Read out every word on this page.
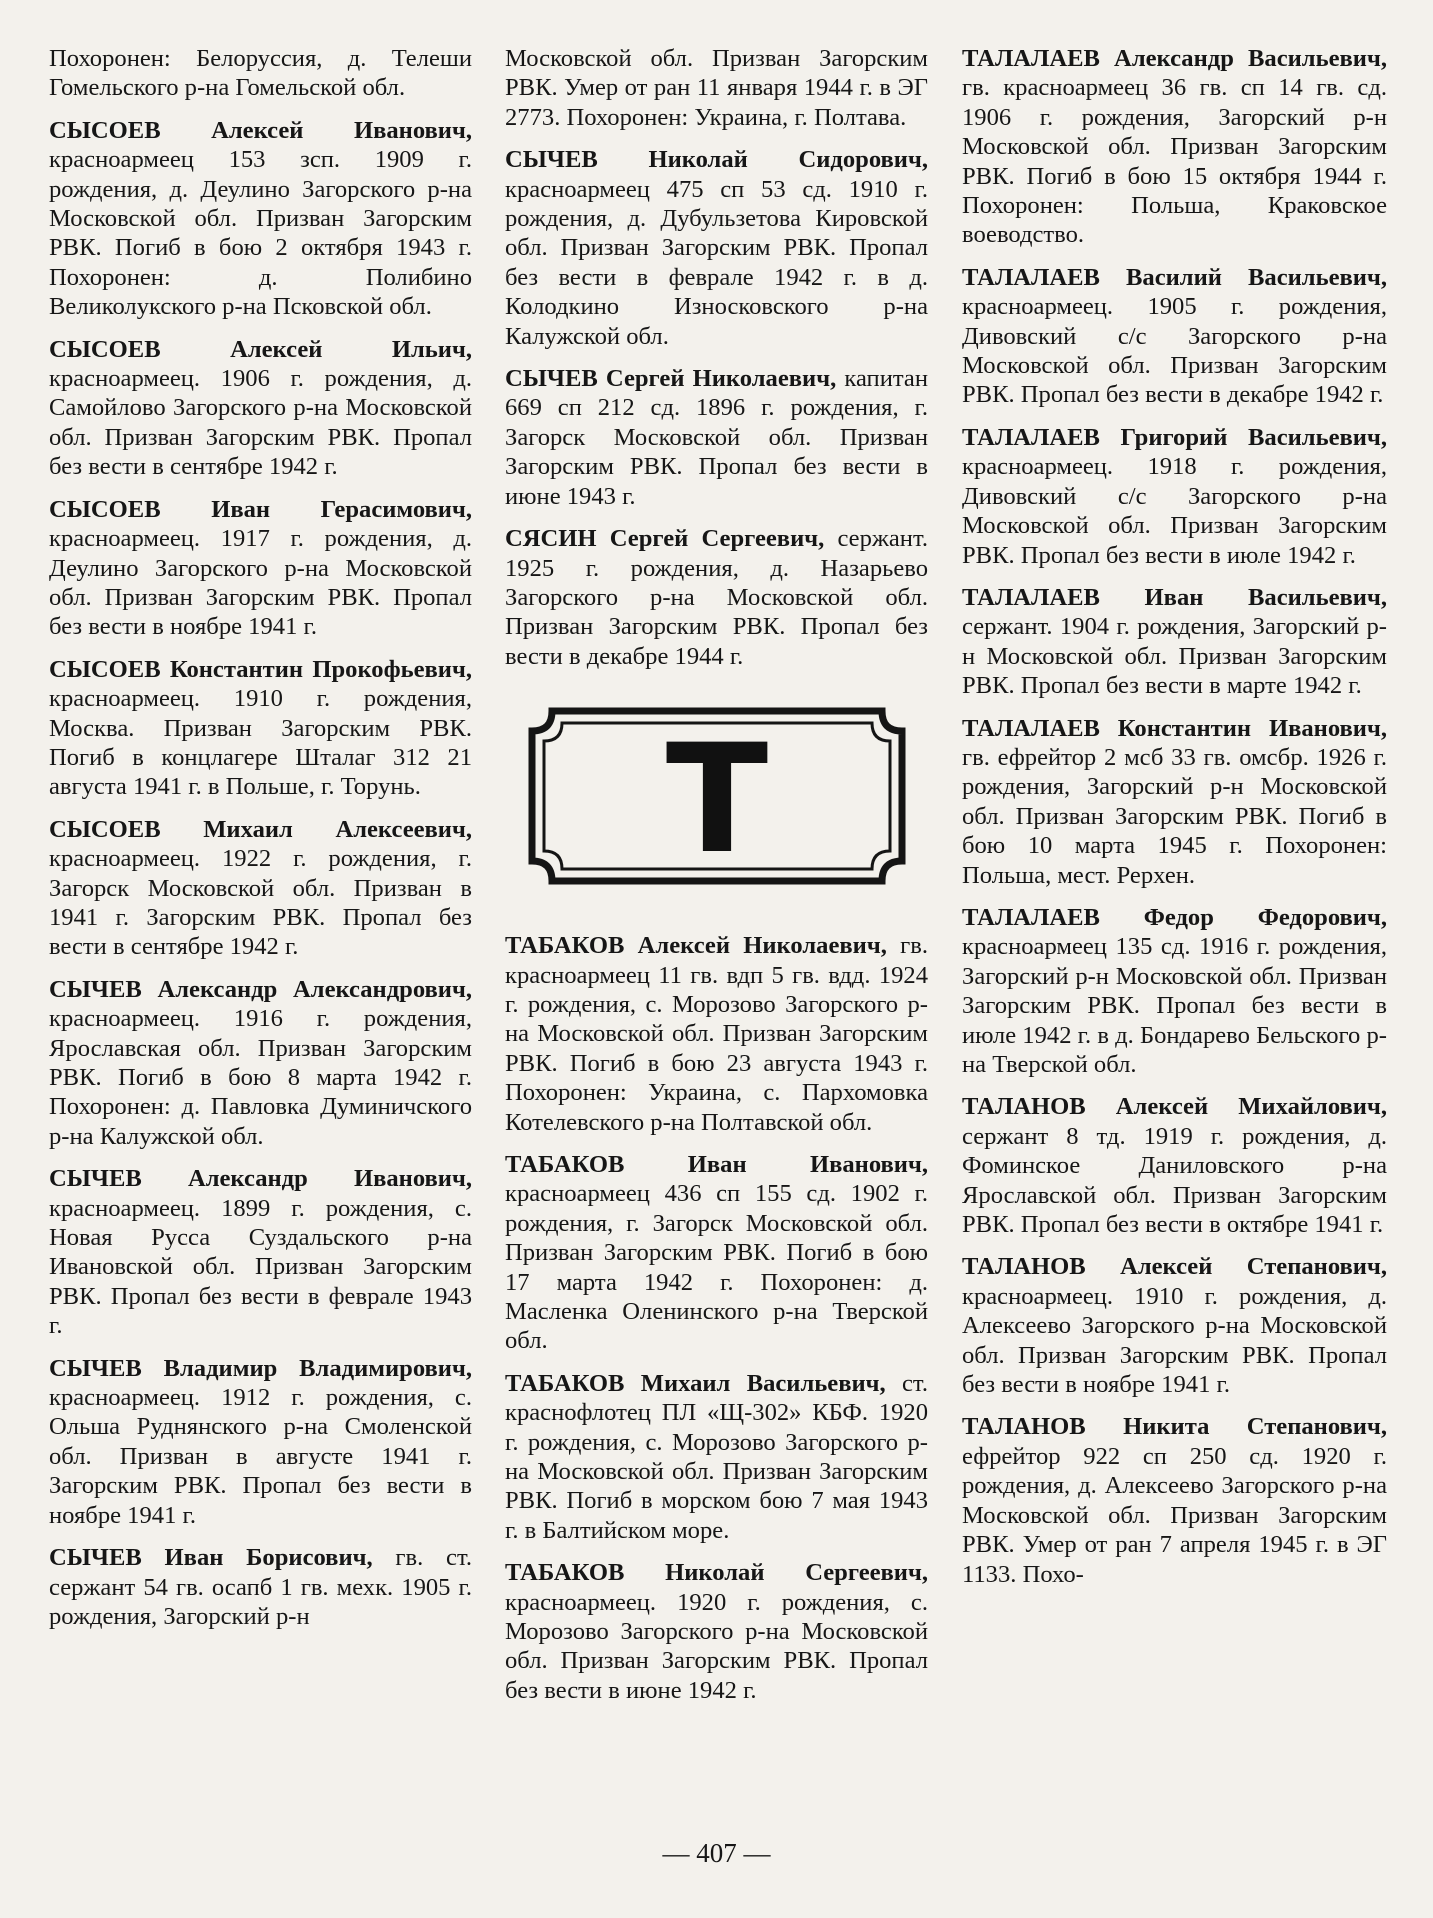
Похоронен: Белоруссия, д. Телеши Гомельского р-на Гомельской обл.

СЫСОЕВ Алексей Иванович, красноармеец 153 зсп. 1909 г. рождения, д. Деулино Загорского р-на Московской обл. Призван Загорским РВК. Погиб в бою 2 октября 1943 г. Похоронен: д. Полибино Великолукского р-на Псковской обл.

СЫСОЕВ Алексей Ильич, красноармеец. 1906 г. рождения, д. Самойлово Загорского р-на Московской обл. Призван Загорским РВК. Пропал без вести в сентябре 1942 г.

СЫСОЕВ Иван Герасимович, красноармеец. 1917 г. рождения, д. Деулино Загорского р-на Московской обл. Призван Загорским РВК. Пропал без вести в ноябре 1941 г.

СЫСОЕВ Константин Прокофьевич, красноармеец. 1910 г. рождения, Москва. Призван Загорским РВК. Погиб в концлагере Шталаг 312 21 августа 1941 г. в Польше, г. Торунь.

СЫСОЕВ Михаил Алексеевич, красноармеец. 1922 г. рождения, г. Загорск Московской обл. Призван в 1941 г. Загорским РВК. Пропал без вести в сентябре 1942 г.

СЫЧЕВ Александр Александрович, красноармеец. 1916 г. рождения, Ярославская обл. Призван Загорским РВК. Погиб в бою 8 марта 1942 г. Похоронен: д. Павловка Думиничского р-на Калужской обл.

СЫЧЕВ Александр Иванович, красноармеец. 1899 г. рождения, с. Новая Русса Суздальского р-на Ивановской обл. Призван Загорским РВК. Пропал без вести в феврале 1943 г.

СЫЧЕВ Владимир Владимирович, красноармеец. 1912 г. рождения, с. Ольша Руднянского р-на Смоленской обл. Призван в августе 1941 г. Загорским РВК. Пропал без вести в ноябре 1941 г.

СЫЧЕВ Иван Борисович, гв. ст. сержант 54 гв. осапб 1 гв. мехк. 1905 г. рождения, Загорский р-н

Московской обл. Призван Загорским РВК. Умер от ран 11 января 1944 г. в ЭГ 2773. Похоронен: Украина, г. Полтава.

СЫЧЕВ Николай Сидорович, красноармеец 475 сп 53 сд. 1910 г. рождения, д. Дубульзетова Кировской обл. Призван Загорским РВК. Пропал без вести в феврале 1942 г. в д. Колодкино Износковского р-на Калужской обл.

СЫЧЕВ Сергей Николаевич, капитан 669 сп 212 сд. 1896 г. рождения, г. Загорск Московской обл. Призван Загорским РВК. Пропал без вести в июне 1943 г.

СЯСИН Сергей Сергеевич, сержант. 1925 г. рождения, д. Назарьево Загорского р-на Московской обл. Призван Загорским РВК. Пропал без вести в декабре 1944 г.

Т

ТАБАКОВ Алексей Николаевич, гв. красноармеец 11 гв. вдп 5 гв. вдд. 1924 г. рождения, с. Морозово Загорского р-на Московской обл. Призван Загорским РВК. Погиб в бою 23 августа 1943 г. Похоронен: Украина, с. Пархомовка Котелевского р-на Полтавской обл.

ТАБАКОВ Иван Иванович, красноармеец 436 сп 155 сд. 1902 г. рождения, г. Загорск Московской обл. Призван Загорским РВК. Погиб в бою 17 марта 1942 г. Похоронен: д. Масленка Оленинского р-на Тверской обл.

ТАБАКОВ Михаил Васильевич, ст. краснофлотец ПЛ «Щ-302» КБФ. 1920 г. рождения, с. Морозово Загорского р-на Московской обл. Призван Загорским РВК. Погиб в морском бою 7 мая 1943 г. в Балтийском море.

ТАБАКОВ Николай Сергеевич, красноармеец. 1920 г. рождения, с. Морозово Загорского р-на Московской обл. Призван Загорским РВК. Пропал без вести в июне 1942 г.

ТАЛАЛАЕВ Александр Васильевич, гв. красноармеец 36 гв. сп 14 гв. сд. 1906 г. рождения, Загорский р-н Московской обл. Призван Загорским РВК. Погиб в бою 15 октября 1944 г. Похоронен: Польша, Краковское воеводство.

ТАЛАЛАЕВ Василий Васильевич, красноармеец. 1905 г. рождения, Дивовский с/с Загорского р-на Московской обл. Призван Загорским РВК. Пропал без вести в декабре 1942 г.

ТАЛАЛАЕВ Григорий Васильевич, красноармеец. 1918 г. рождения, Дивовский с/с Загорского р-на Московской обл. Призван Загорским РВК. Пропал без вести в июле 1942 г.

ТАЛАЛАЕВ Иван Васильевич, сержант. 1904 г. рождения, Загорский р-н Московской обл. Призван Загорским РВК. Пропал без вести в марте 1942 г.

ТАЛАЛАЕВ Константин Иванович, гв. ефрейтор 2 мсб 33 гв. омсбр. 1926 г. рождения, Загорский р-н Московской обл. Призван Загорским РВК. Погиб в бою 10 марта 1945 г. Похоронен: Польша, мест. Рерхен.

ТАЛАЛАЕВ Федор Федорович, красноармеец 135 сд. 1916 г. рождения, Загорский р-н Московской обл. Призван Загорским РВК. Пропал без вести в июле 1942 г. в д. Бондарево Бельского р-на Тверской обл.

ТАЛАНОВ Алексей Михайлович, сержант 8 тд. 1919 г. рождения, д. Фоминское Даниловского р-на Ярославской обл. Призван Загорским РВК. Пропал без вести в октябре 1941 г.

ТАЛАНОВ Алексей Степанович, красноармеец. 1910 г. рождения, д. Алексеево Загорского р-на Московской обл. Призван Загорским РВК. Пропал без вести в ноябре 1941 г.

ТАЛАНОВ Никита Степанович, ефрейтор 922 сп 250 сд. 1920 г. рождения, д. Алексеево Загорского р-на Московской обл. Призван Загорским РВК. Умер от ран 7 апреля 1945 г. в ЭГ 1133. Похо-

— 407 —
